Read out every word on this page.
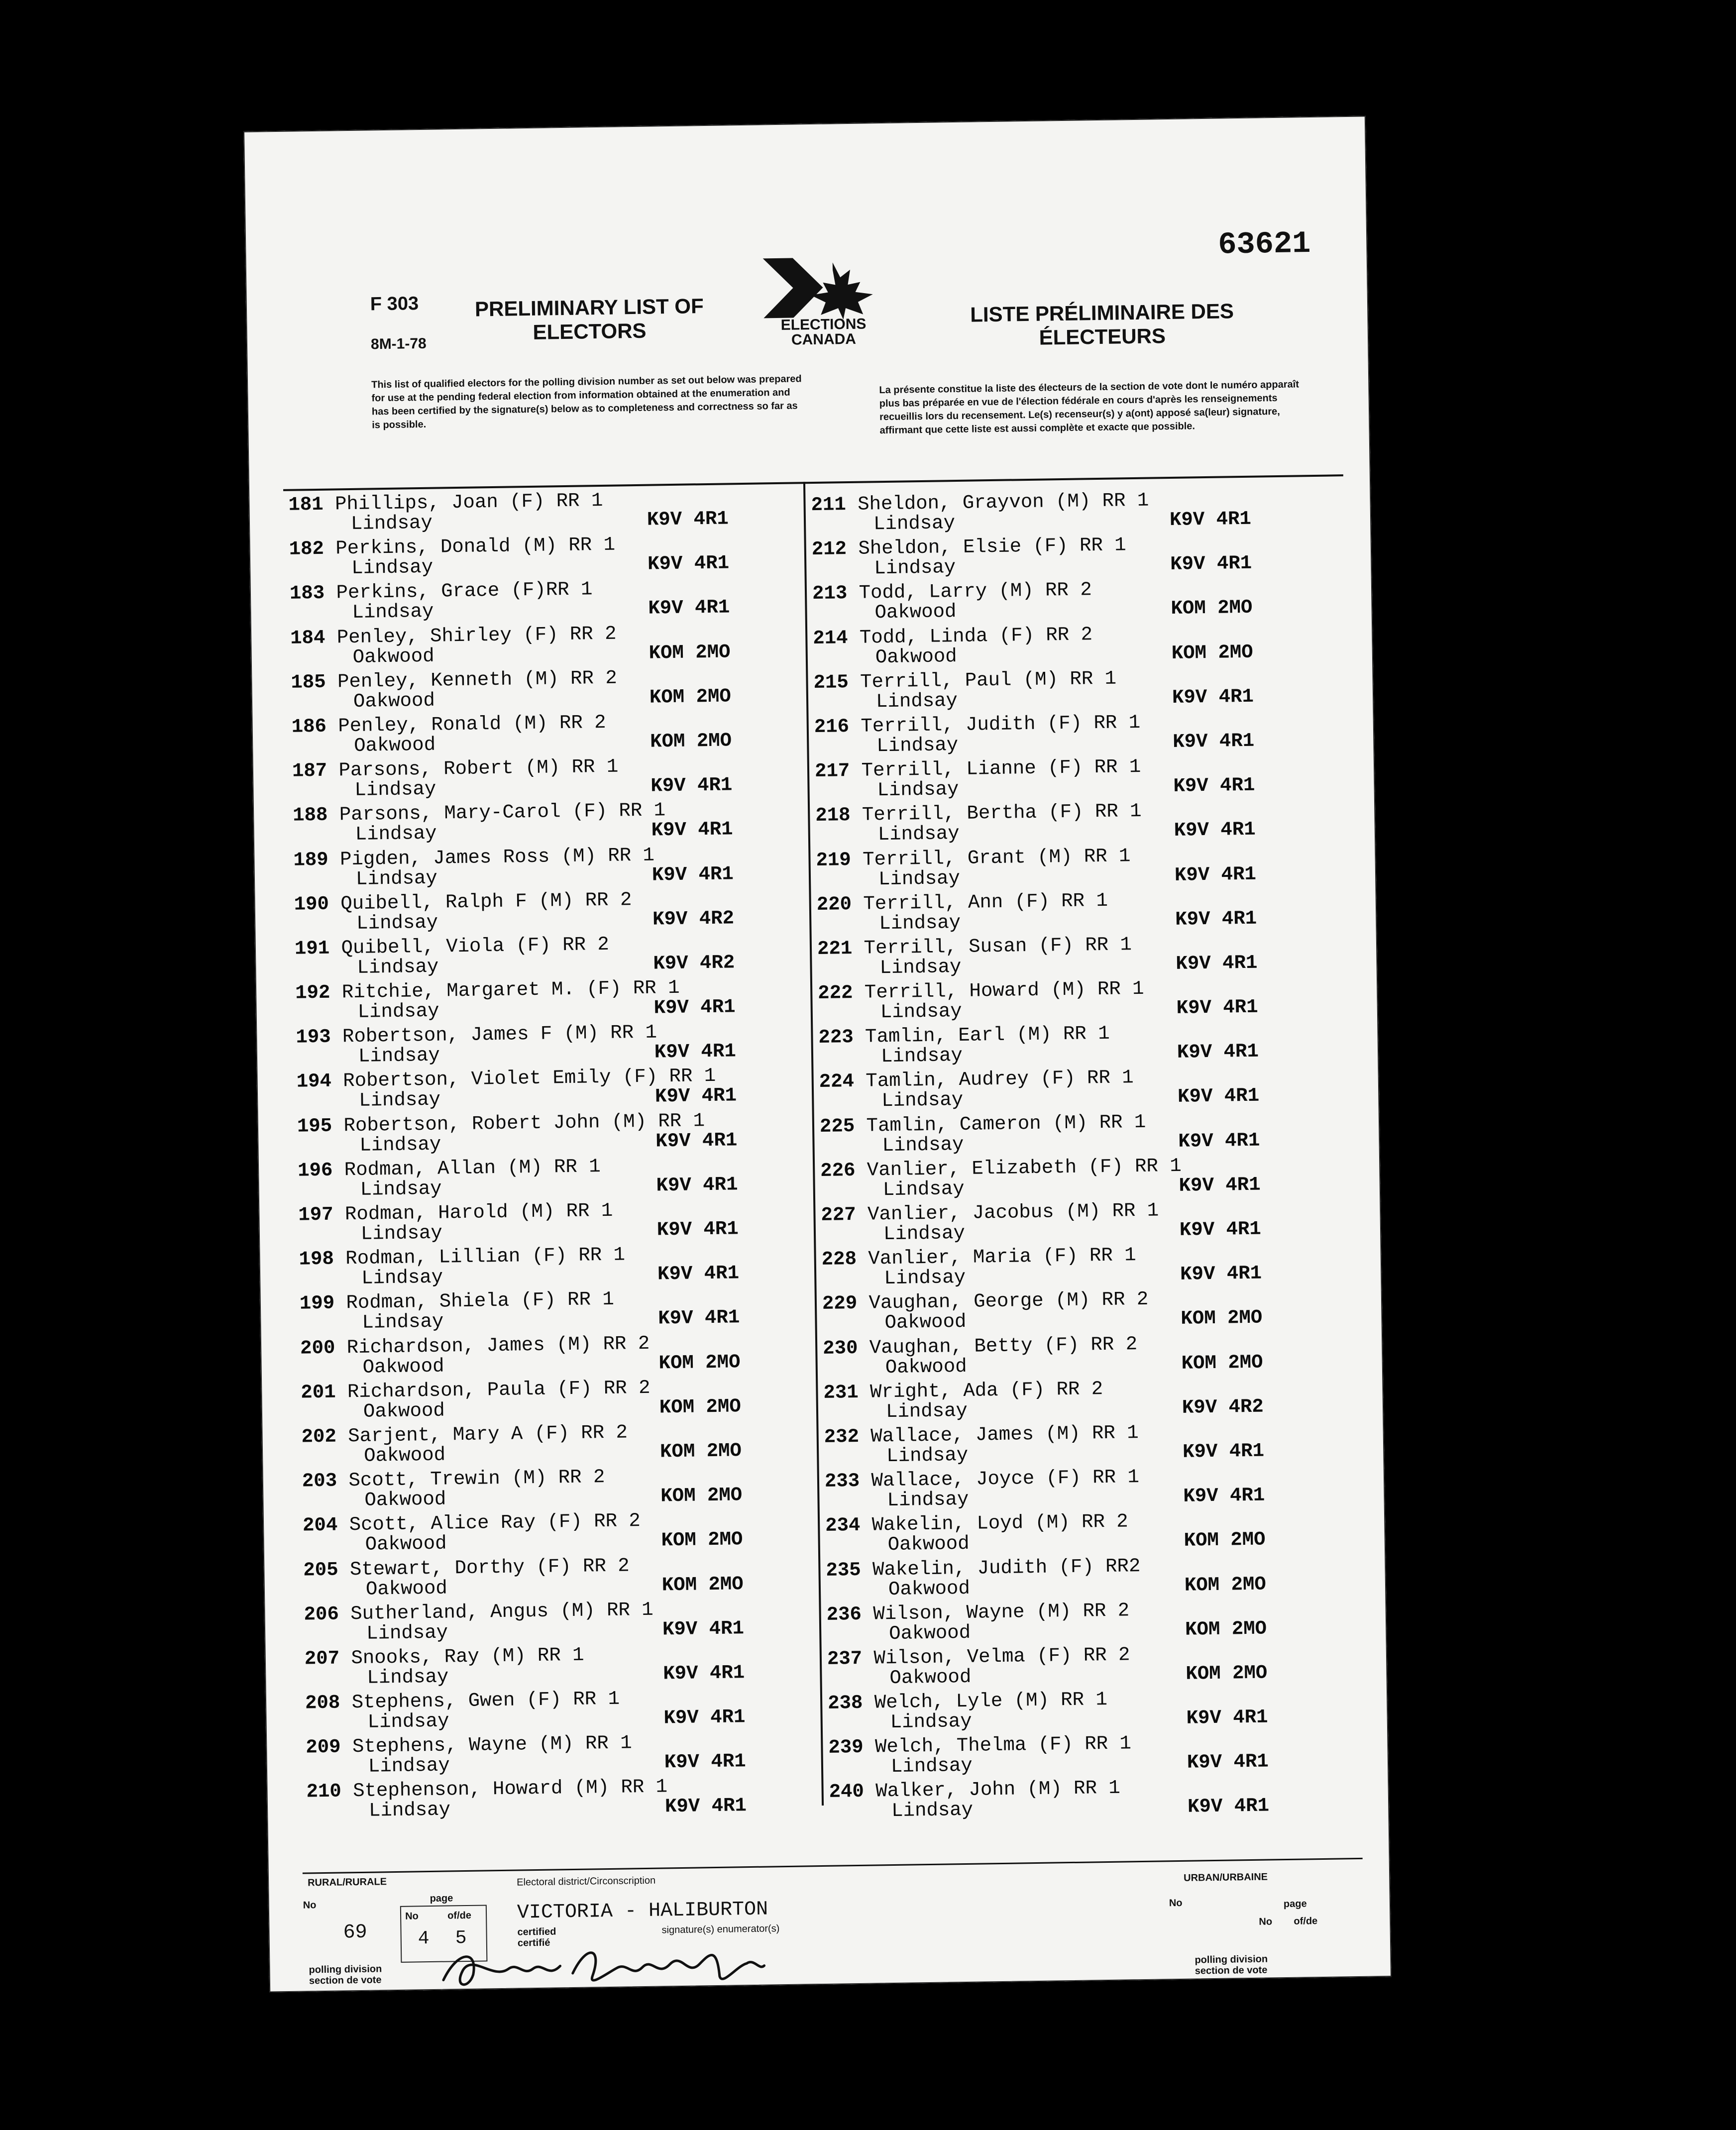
63621
F 303
8M-1-78
PRELIMINARY LIST OF
ELECTORS	ELECTIONS
CANADA
LISTE PRÉLIMINAIRE DES
ÉLECTEURS
This list of qualified electors for the polling division number as set out below was prepared for use at the pending federal election from information obtained at the enumeration and has been certified by the signature(s) below as to completeness and correctness so far as is possible.
La présente constitue la liste des électeurs de la section de vote dont le numéro apparaît plus bas préparée en vue de l'élection fédérale en cours d'après les renseignements recueillis lors du recensement. Le(s) recenseur(s) y a(ont) apposé sa(leur) signature, affirmant que cette liste est aussi complète et exacte que possible.
181 Phillips, Joan (F) RR 1
Lindsay	K9V 4R1
182 Perkins, Donald (M) RR 1
Lindsay	K9V 4R1
183 Perkins, Grace (F)RR 1
Lindsay	K9V 4R1
184 Penley, Shirley (F) RR 2
Oakwood	KOM 2MO
185 Penley, Kenneth (M) RR 2
Oakwood	KOM 2MO
186 Penley, Ronald (M) RR 2
Oakwood	KOM 2MO
187 Parsons, Robert (M) RR 1
Lindsay	K9V 4R1
188 Parsons, Mary-Carol (F) RR 1
Lindsay	K9V 4R1
189 Pigden, James Ross (M) RR 1
Lindsay	K9V 4R1
190 Quibell, Ralph F (M) RR 2
Lindsay	K9V 4R2
191 Quibell, Viola (F) RR 2
Lindsay	K9V 4R2
192 Ritchie, Margaret M. (F) RR 1
Lindsay	K9V 4R1
193 Robertson, James F (M) RR 1
Lindsay	K9V 4R1
194 Robertson, Violet Emily (F) RR 1
Lindsay	K9V 4R1
195 Robertson, Robert John (M) RR 1
Lindsay	K9V 4R1
196 Rodman, Allan (M) RR 1
Lindsay	K9V 4R1
197 Rodman, Harold (M) RR 1
Lindsay	K9V 4R1
198 Rodman, Lillian (F) RR 1
Lindsay	K9V 4R1
199 Rodman, Shiela (F) RR 1
Lindsay	K9V 4R1
200 Richardson, James (M) RR 2
Oakwood	KOM 2MO
201 Richardson, Paula (F) RR 2
Oakwood	KOM 2MO
202 Sarjent, Mary A (F) RR 2
Oakwood	KOM 2MO
203 Scott, Trewin (M) RR 2
Oakwood	KOM 2MO
204 Scott, Alice Ray (F) RR 2
Oakwood	KOM 2MO
205 Stewart, Dorthy (F) RR 2
Oakwood	KOM 2MO
206 Sutherland, Angus (M) RR 1
Lindsay	K9V 4R1
207 Snooks, Ray (M) RR 1
Lindsay	K9V 4R1
208 Stephens, Gwen (F) RR 1
Lindsay	K9V 4R1
209 Stephens, Wayne (M) RR 1
Lindsay	K9V 4R1
210 Stephenson, Howard (M) RR 1
Lindsay	K9V 4R1
211 Sheldon, Grayvon (M) RR 1
Lindsay	K9V 4R1
212 Sheldon, Elsie (F) RR 1
Lindsay	K9V 4R1
213 Todd, Larry (M) RR 2
Oakwood	KOM 2MO
214 Todd, Linda (F) RR 2
Oakwood	KOM 2MO
215 Terrill, Paul (M) RR 1
Lindsay	K9V 4R1
216 Terrill, Judith (F) RR 1
Lindsay	K9V 4R1
217 Terrill, Lianne (F) RR 1
Lindsay	K9V 4R1
218 Terrill, Bertha (F) RR 1
Lindsay	K9V 4R1
219 Terrill, Grant (M) RR 1
Lindsay	K9V 4R1
220 Terrill, Ann (F) RR 1
Lindsay	K9V 4R1
221 Terrill, Susan (F) RR 1
Lindsay	K9V 4R1
222 Terrill, Howard (M) RR 1
Lindsay	K9V 4R1
223 Tamlin, Earl (M) RR 1
Lindsay	K9V 4R1
224 Tamlin, Audrey (F) RR 1
Lindsay	K9V 4R1
225 Tamlin, Cameron (M) RR 1
Lindsay	K9V 4R1
226 Vanlier, Elizabeth (F) RR 1
Lindsay	K9V 4R1
227 Vanlier, Jacobus (M) RR 1
Lindsay	K9V 4R1
228 Vanlier, Maria (F) RR 1
Lindsay	K9V 4R1
229 Vaughan, George (M) RR 2
Oakwood	KOM 2MO
230 Vaughan, Betty (F) RR 2
Oakwood	KOM 2MO
231 Wright, Ada (F) RR 2
Lindsay	K9V 4R2
232 Wallace, James (M) RR 1
Lindsay	K9V 4R1
233 Wallace, Joyce (F) RR 1
Lindsay	K9V 4R1
234 Wakelin, Loyd (M) RR 2
Oakwood	KOM 2MO
235 Wakelin, Judith (F) RR2
Oakwood	KOM 2MO
236 Wilson, Wayne (M) RR 2
Oakwood	KOM 2MO
237 Wilson, Velma (F) RR 2
Oakwood	KOM 2MO
238 Welch, Lyle (M) RR 1
Lindsay	K9V 4R1
239 Welch, Thelma (F) RR 1
Lindsay	K9V 4R1
240 Walker, John (M) RR 1
Lindsay	K9V 4R1
RURAL/RURALE	Electoral district/Circonscription
VICTORIA - HALIBURTON
No
69
page
No	of/de
4 5	certified certifié
signature(s) enumerator(s)
polling division section de vote
URBAN/URBAINE
No	page
No of/de
polling division section de vote
